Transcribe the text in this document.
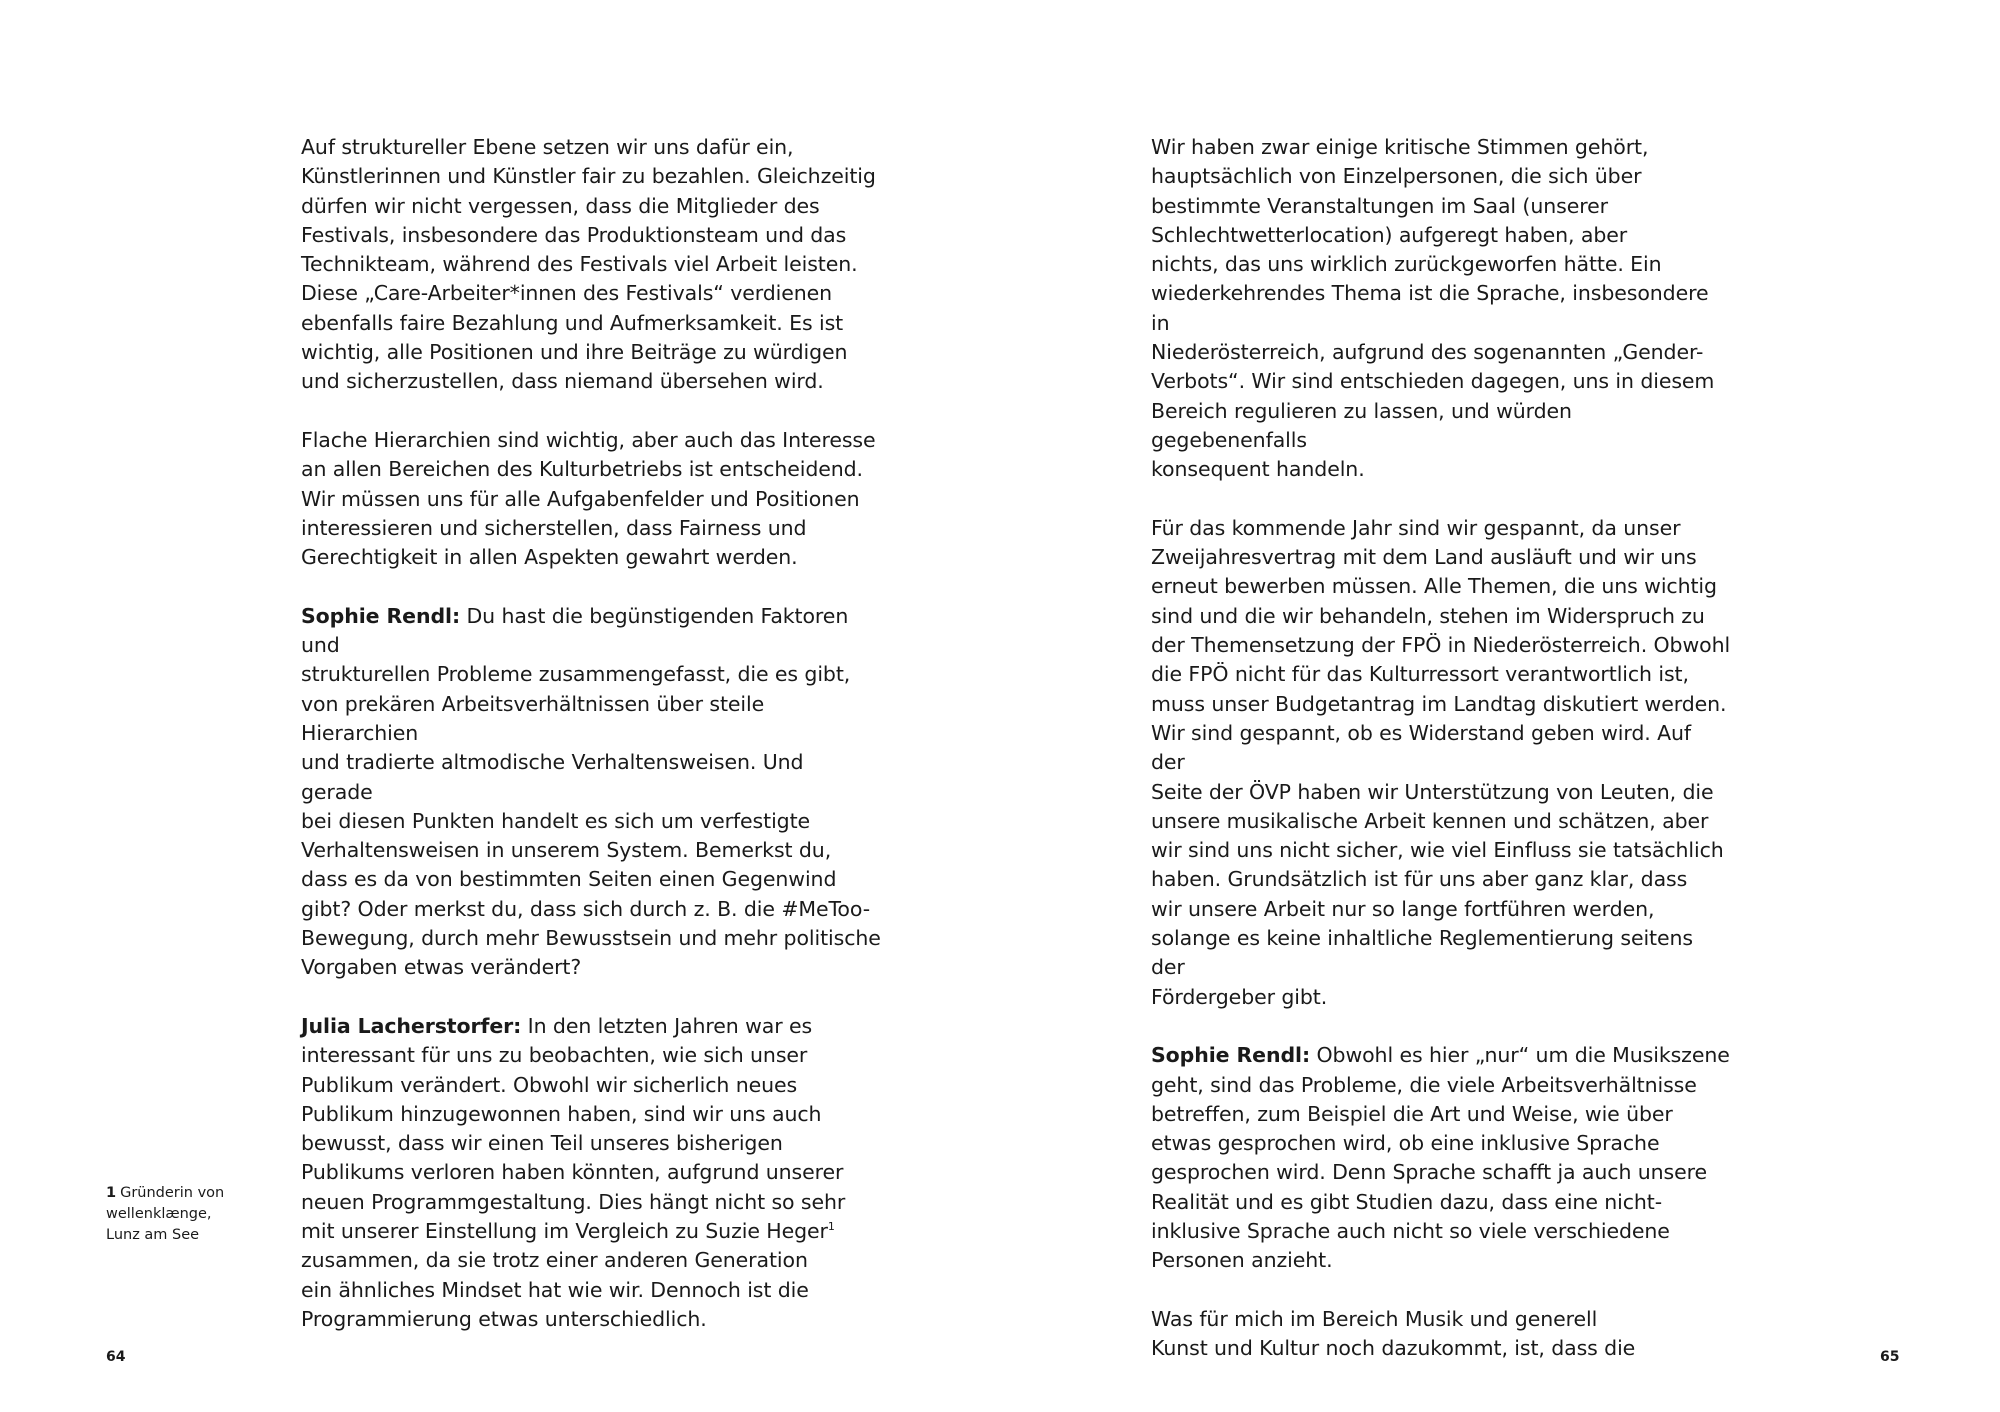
Auf struktureller Ebene setzen wir uns dafür ein,
Künstlerinnen und Künstler fair zu bezahlen. Gleichzeitig
dürfen wir nicht vergessen, dass die Mitglieder des
Festivals, insbesondere das Produktionsteam und das
Technikteam, während des Festivals viel Arbeit leisten.
Diese „Care-Arbeiter*innen des Festivals“ verdienen
ebenfalls faire Bezahlung und Aufmerksamkeit. Es ist
wichtig, alle Positionen und ihre Beiträge zu würdigen
und sicherzustellen, dass niemand übersehen wird.

Flache Hierarchien sind wichtig, aber auch das Interesse
an allen Bereichen des Kulturbetriebs ist entscheidend.
Wir müssen uns für alle Aufgabenfelder und Positionen
interessieren und sicherstellen, dass Fairness und
Gerechtigkeit in allen Aspekten gewahrt werden.

Sophie Rendl: Du hast die begünstigenden Faktoren und
strukturellen Probleme zusammengefasst, die es gibt,
von prekären Arbeitsverhältnissen über steile Hierarchien
und tradierte altmodische Verhaltensweisen. Und gerade
bei diesen Punkten handelt es sich um verfestigte
Verhaltensweisen in unserem System. Bemerkst du,
dass es da von bestimmten Seiten einen Gegenwind
gibt? Oder merkst du, dass sich durch z. B. die #MeToo-
Bewegung, durch mehr Bewusstsein und mehr politische
Vorgaben etwas verändert?

Julia Lacherstorfer: In den letzten Jahren war es
interessant für uns zu beobachten, wie sich unser
Publikum verändert. Obwohl wir sicherlich neues
Publikum hinzugewonnen haben, sind wir uns auch
bewusst, dass wir einen Teil unseres bisherigen
Publikums verloren haben könnten, aufgrund unserer
neuen Programmgestaltung. Dies hängt nicht so sehr
mit unserer Einstellung im Vergleich zu Suzie Heger$^1$
zusammen, da sie trotz einer anderen Generation
ein ähnliches Mindset hat wie wir. Dennoch ist die
Programmierung etwas unterschiedlich.

1 Gründerin von
wellenklænge,
Lunz am See
64

Wir haben zwar einige kritische Stimmen gehört,
hauptsächlich von Einzelpersonen, die sich über
bestimmte Veranstaltungen im Saal (unserer
Schlechtwetterlocation) aufgeregt haben, aber
nichts, das uns wirklich zurückgeworfen hätte. Ein
wiederkehrendes Thema ist die Sprache, insbesondere in
Niederösterreich, aufgrund des sogenannten „Gender-
Verbots“. Wir sind entschieden dagegen, uns in diesem
Bereich regulieren zu lassen, und würden gegebenenfalls
konsequent handeln.

Für das kommende Jahr sind wir gespannt, da unser
Zweijahresvertrag mit dem Land ausläuft und wir uns
erneut bewerben müssen. Alle Themen, die uns wichtig
sind und die wir behandeln, stehen im Widerspruch zu
der Themensetzung der FPÖ in Niederösterreich. Obwohl
die FPÖ nicht für das Kulturressort verantwortlich ist,
muss unser Budgetantrag im Landtag diskutiert werden.
Wir sind gespannt, ob es Widerstand geben wird. Auf der
Seite der ÖVP haben wir Unterstützung von Leuten, die
unsere musikalische Arbeit kennen und schätzen, aber
wir sind uns nicht sicher, wie viel Einfluss sie tatsächlich
haben. Grundsätzlich ist für uns aber ganz klar, dass
wir unsere Arbeit nur so lange fortführen werden,
solange es keine inhaltliche Reglementierung seitens der
Fördergeber gibt.

Sophie Rendl: Obwohl es hier „nur“ um die Musikszene
geht, sind das Probleme, die viele Arbeitsverhältnisse
betreffen, zum Beispiel die Art und Weise, wie über
etwas gesprochen wird, ob eine inklusive Sprache
gesprochen wird. Denn Sprache schafft ja auch unsere
Realität und es gibt Studien dazu, dass eine nicht-
inklusive Sprache auch nicht so viele verschiedene
Personen anzieht.

Was für mich im Bereich Musik und generell
Kunst und Kultur noch dazukommt, ist, dass die	65
